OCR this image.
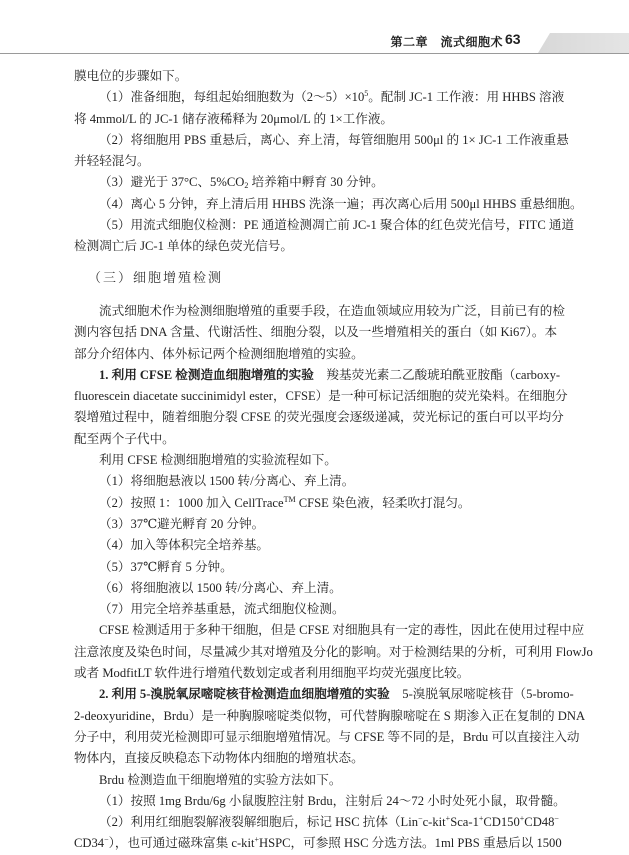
第二章　流式细胞术 63
膜电位的步骤如下。
（1）准备细胞，每组起始细胞数为$(2\sim 5)\times 10^5$。配制 JC-1 工作液：用 HHBS 溶液
将 4mmol/L 的 JC-1 储存液稀释为 20μmol/L 的 1×工作液。
（2）将细胞用 PBS 重悬后，离心、弃上清，每管细胞用 500μl 的 1× JC-1 工作液重悬
并轻轻混匀。
（3）避光于 37°C、$5\%CO_2$ 培养箱中孵育 30 分钟。
（4）离心 5 分钟，弃上清后用 HHBS 洗涤一遍；再次离心后用 500μl HHBS 重悬细胞。
（5）用流式细胞仪检测：PE 通道检测凋亡前 JC-1 聚合体的红色荧光信号，FITC 通道
检测凋亡后 JC-1 单体的绿色荧光信号。
（三）细胞增殖检测
流式细胞术作为检测细胞增殖的重要手段，在造血领域应用较为广泛，目前已有的检
测内容包括 DNA 含量、代谢活性、细胞分裂，以及一些增殖相关的蛋白（如 Ki67）。本
部分介绍体内、体外标记两个检测细胞增殖的实验。
1. 利用 CFSE 检测造血细胞增殖的实验　羧基荧光素二乙酸琥珀酰亚胺酯（carboxy-
fluorescein diacetate succinimidyl ester，CFSE）是一种可标记活细胞的荧光染料。在细胞分
裂增殖过程中，随着细胞分裂 CFSE 的荧光强度会逐级递减，荧光标记的蛋白可以平均分
配至两个子代中。
利用 CFSE 检测细胞增殖的实验流程如下。
（1）将细胞悬液以 1500 转/分离心、弃上清。
（2）按照 1：1000 加入 CellTrace™ CFSE 染色液，轻柔吹打混匀。
（3）37℃避光孵育 20 分钟。
（4）加入等体积完全培养基。
（5）37℃孵育 5 分钟。
（6）将细胞液以 1500 转/分离心、弃上清。
（7）用完全培养基重悬，流式细胞仪检测。
CFSE 检测适用于多种干细胞，但是 CFSE 对细胞具有一定的毒性，因此在使用过程中应
注意浓度及染色时间，尽量减少其对增殖及分化的影响。对于检测结果的分析，可利用 FlowJo
或者 ModfitLT 软件进行增殖代数划定或者利用细胞平均荧光强度比较。
2. 利用 5-溴脱氧尿嘧啶核苷检测造血细胞增殖的实验　5-溴脱氧尿嘧啶核苷（5-bromo-
2-deoxyuridine，Brdu）是一种胸腺嘧啶类似物，可代替胸腺嘧啶在 S 期渗入正在复制的 DNA
分子中，利用荧光检测即可显示细胞增殖情况。与 CFSE 等不同的是，Brdu 可以直接注入动
物体内，直接反映稳态下动物体内细胞的增殖状态。
Brdu 检测造血干细胞增殖的实验方法如下。
（1）按照 1mg Brdu/6g 小鼠腹腔注射 Brdu，注射后 24～72 小时处死小鼠，取骨髓。
（2）利用红细胞裂解液裂解细胞后，标记 HSC 抗体（Lin−c-kit+Sca-1+CD150+CD48−
CD34−），也可通过磁珠富集 c-kit+HSPC，可参照 HSC 分选方法。1ml PBS 重悬后以 1500
